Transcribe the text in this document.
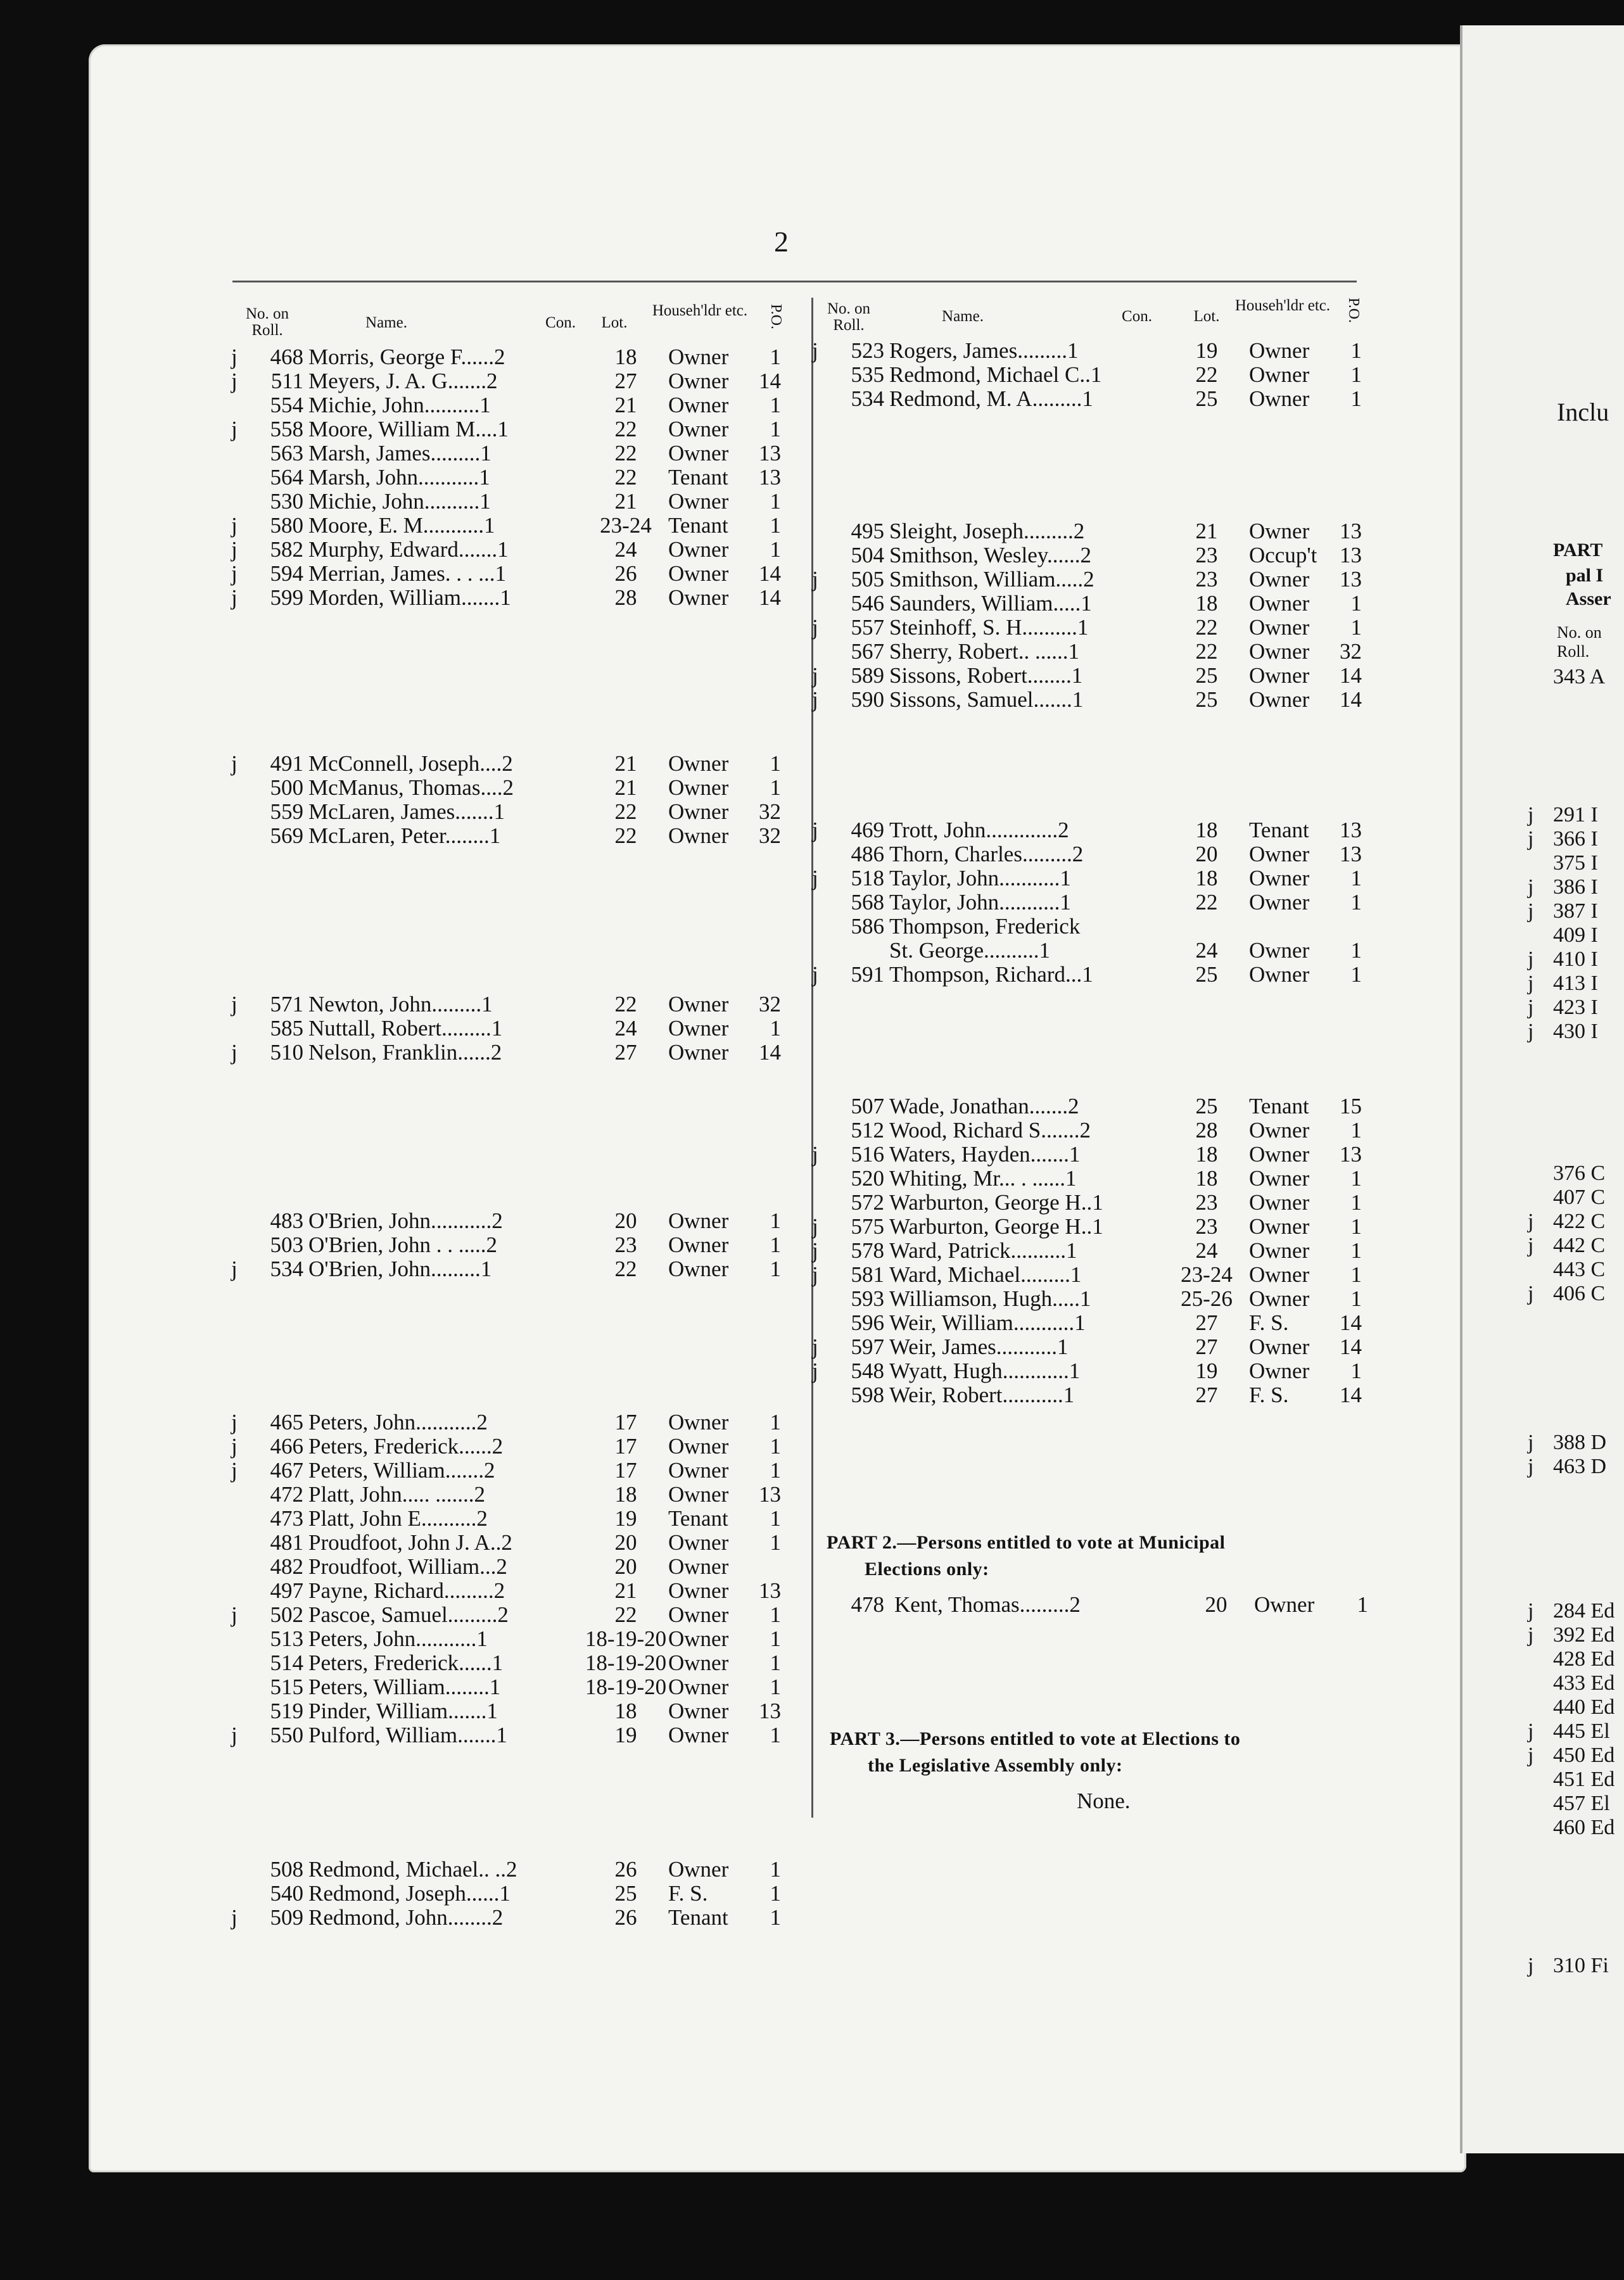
2
No. on Roll.	Name.	Con.	Lot.
Househ'ldr etc.	P.O.	No. on Roll.
Name.	Con.	Lot.
Househ'ldr etc. P.O.
j	468 Morris, George F......2	18	Owner	1
j	511 Meyers, J. A. G.......2	27	Owner	14
554 Michie, John..........1	21	Owner	1
j	558 Moore, William M....1	22	Owner	1
563 Marsh, James.........1	22	Owner	13
564 Marsh, John...........1	22	Tenant	13
530 Michie, John..........1	21	Owner	1
j	580 Moore, E. M...........1	23-24 Tenant	1
j	582 Murphy, Edward.......1	24	Owner	1
j	594 Merrian, James. . . ...1	26	Owner	14
j	599 Morden, William.......1	28	Owner	14
j	491 McConnell, Joseph....2	21	Owner	1
500 McManus, Thomas....2	21	Owner	1
559 McLaren, James.......1	22	Owner	32
569 McLaren, Peter........1	22	Owner	32
j	571 Newton, John.........1	22	Owner	32
585 Nuttall, Robert.........1	24	Owner	1
j	510 Nelson, Franklin......2	27	Owner	14
483 O'Brien, John...........2	20	Owner	1
503 O'Brien, John . . .....2	23	Owner	1
j	534 O'Brien, John.........1	22	Owner	1
j	465 Peters, John...........2	17	Owner	1
j	466 Peters, Frederick......2	17	Owner	1
j	467 Peters, William.......2	17	Owner	1
472 Platt, John..... .......2	18	Owner	13
473 Platt, John E..........2	19	Tenant	1
481 Proudfoot, John J. A..2	20	Owner	1
482 Proudfoot, William...2	20	Owner
497 Payne, Richard.........2	21	Owner	13
j	502 Pascoe, Samuel.........2	22	Owner	1
513 Peters, John...........1	18-19-20 Owner	1
514 Peters, Frederick......1	18-19-20 Owner	1
515 Peters, William........1	18-19-20 Owner	1
519 Pinder, William.......1	18	Owner	13
j	550 Pulford, William.......1	19	Owner	1
508 Redmond, Michael.. ..2	26	Owner	1
540 Redmond, Joseph......1	25	F. S.	1
j	509 Redmond, John........2	26	Tenant	1
j	523 Rogers, James.........1	19	Owner	1
535 Redmond, Michael C..1	22	Owner	1
534 Redmond, M. A.........1	25	Owner	1
495 Sleight, Joseph.........2	21	Owner	13
504 Smithson, Wesley......2	23	Occup't	13
j	505 Smithson, William.....2	23	Owner	13
546 Saunders, William.....1	18	Owner	1
j	557 Steinhoff, S. H..........1	22	Owner	1
567 Sherry, Robert.. ......1	22	Owner	32
j	589 Sissons, Robert........1	25	Owner	14
j	590 Sissons, Samuel.......1	25	Owner	14
j	469 Trott, John.............2	18	Tenant	13
486 Thorn, Charles.........2	20	Owner	13
j	518 Taylor, John...........1	18	Owner	1
568 Taylor, John...........1	22	Owner	1
586 Thompson, Frederick
St. George..........1	24	Owner	1
j	591 Thompson, Richard...1	25	Owner	1
507 Wade, Jonathan.......2	25	Tenant	15
512 Wood, Richard S.......2	28	Owner	1
j	516 Waters, Hayden.......1	18	Owner	13
520 Whiting, Mr... . ......1	18	Owner	1
572 Warburton, George H..1	23	Owner	1
j	575 Warburton, George H..1	23	Owner	1
j	578 Ward, Patrick..........1	24	Owner	1
j	581 Ward, Michael.........1	23-24 Owner	1
593 Williamson, Hugh.....1	25-26 Owner	1
596 Weir, William...........1	27	F. S.	14
j	597 Weir, James...........1	27	Owner	14
j	548 Wyatt, Hugh............1	19	Owner	1
598 Weir, Robert...........1	27	F. S.	14
PART 2.—Persons entitled to vote at Municipal
Elections only:
478 Kent, Thomas.........2	20	Owner	1
PART 3.—Persons entitled to vote at Elections to
the Legislative Assembly only:
None.
Inclu
PART
pal I
Asser
No. on
Roll.
343 A
j 291 I
j 366 I
375 I
j 386 I
j 387 I
409 I
j 410 I
j 413 I
j 423 I
j 430 I
376 C
407 C
j 422 C
j 442 C
443 C
j 406 C
j 388 D
j 463 D
j 284 Ed
j 392 Ed
428 Ed
433 Ed
440 Ed
j 445 El
j 450 Ed
451 Ed
457 El
460 Ed
j 310 Fi
